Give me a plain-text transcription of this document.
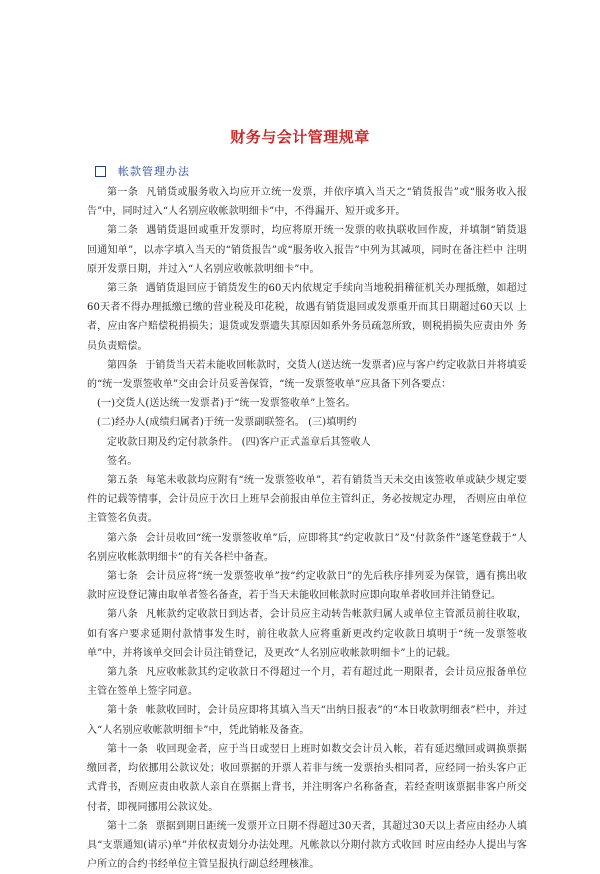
财务与会计管理规章
帐款管理办法

第一条 凡销货或服务收入均应开立统一发票，并依序填入当天之“销货报告”或“服务收入报告”中，同时过入“人名别应收帐款明细卡”中，不得漏开、短开或多开。

第二条 遇销货退回或重开发票时，均应将原开统一发票的收执联收回作废，并填制“销货退 回通知单”，以赤字填入当天的“销货报告”或“服务收入报告”中列为其减项，同时在备注栏中 注明原开发票日期，并过入“人名别应收帐款明细卡”中。

第三条 遇销货退回应于销货发生的60天内依规定手续向当地税捐稽征机关办理抵缴，如超过60天者不得办理抵缴已缴的营业税及印花税，故遇有销货退回或发票重开而其日期超过60天以 上者，应由客户赔偿税捐损失；退货或发票遗失其原因如系外务员疏忽所致，则税捐损失应责由外 务员负责赔偿。

第四条 于销货当天若未能收回帐款时，交货人(送达统一发票者)应与客户约定收款日并将填妥的“统一发票签收单”交由会计员妥善保管，“统一发票签收单”应具备下列各要点：

(一)交货人(送达统一发票者)于“统一发票签收单”上签名。

(二)经办人(成绩归属者)于统一发票副联签名。 (三)填明约

定收款日期及约定付款条件。 (四)客户正式盖章后其签收人

签名。

第五条 每笔未收款均应附有“统一发票签收单”，若有销货当天未交由该签收单或缺少规定要件的记载等情事，会计员应于次日上班早会前报由单位主管纠正，务必按规定办理， 否则应由单位主管签名负责。

第六条 会计员收回“统一发票签收单”后，应即将其“约定收款日”及“付款条件”逐笔登载于“人名别应收帐款明细卡”的有关各栏中备查。

第七条 会计员应将“统一发票签收单”按“约定收款日”的先后秩序排列妥为保管，遇有携出收款时应设登记簿由取单者签名备查，若于当天未能收回帐款时应即向取单者收回并注销登记。

第八条 凡帐款约定收款日到达者，会计员应主动转告帐款归属人或单位主管派员前往收取，如有客户要求延期付款情事发生时，前往收款人应将重新更改约定收款日填明于“统一发票签收单”中，并将该单交回会计员注销登记，及更改“人名别应收帐款明细卡”上的记载。

第九条 凡应收帐款其约定收款日不得超过一个月，若有超过此一期限者，会计员应报备单位主管在签单上签字同意。

第十条 帐款收回时，会计员应即将其填入当天“出纳日报表”的“本日收款明细表”栏中，并过入“人名别应收帐款明细卡”中，凭此销帐及备查。

第十一条 收回现金者，应于当日或翌日上班时如数交会计员入帐，若有延迟缴回或调换票据 缴回者，均依挪用公款议处；收回票据的开票人若非与统一发票抬头相同者，应经同一抬头客户正 式背书，否则应责由收款人亲自在票据上背书，并注明客户名称备查，若经查明该票据非客户所交 付者，即视同挪用公款议处。

第十二条 票据到期日距统一发票开立日期不得超过30天者，其超过30天以上者应由经办人填具“支票通知(请示)单”并依权责划分办法处理。凡帐款以分期付款方式收回 时应由经办人提出与客户所立的合约书经单位主管呈报执行副总经理核准。
